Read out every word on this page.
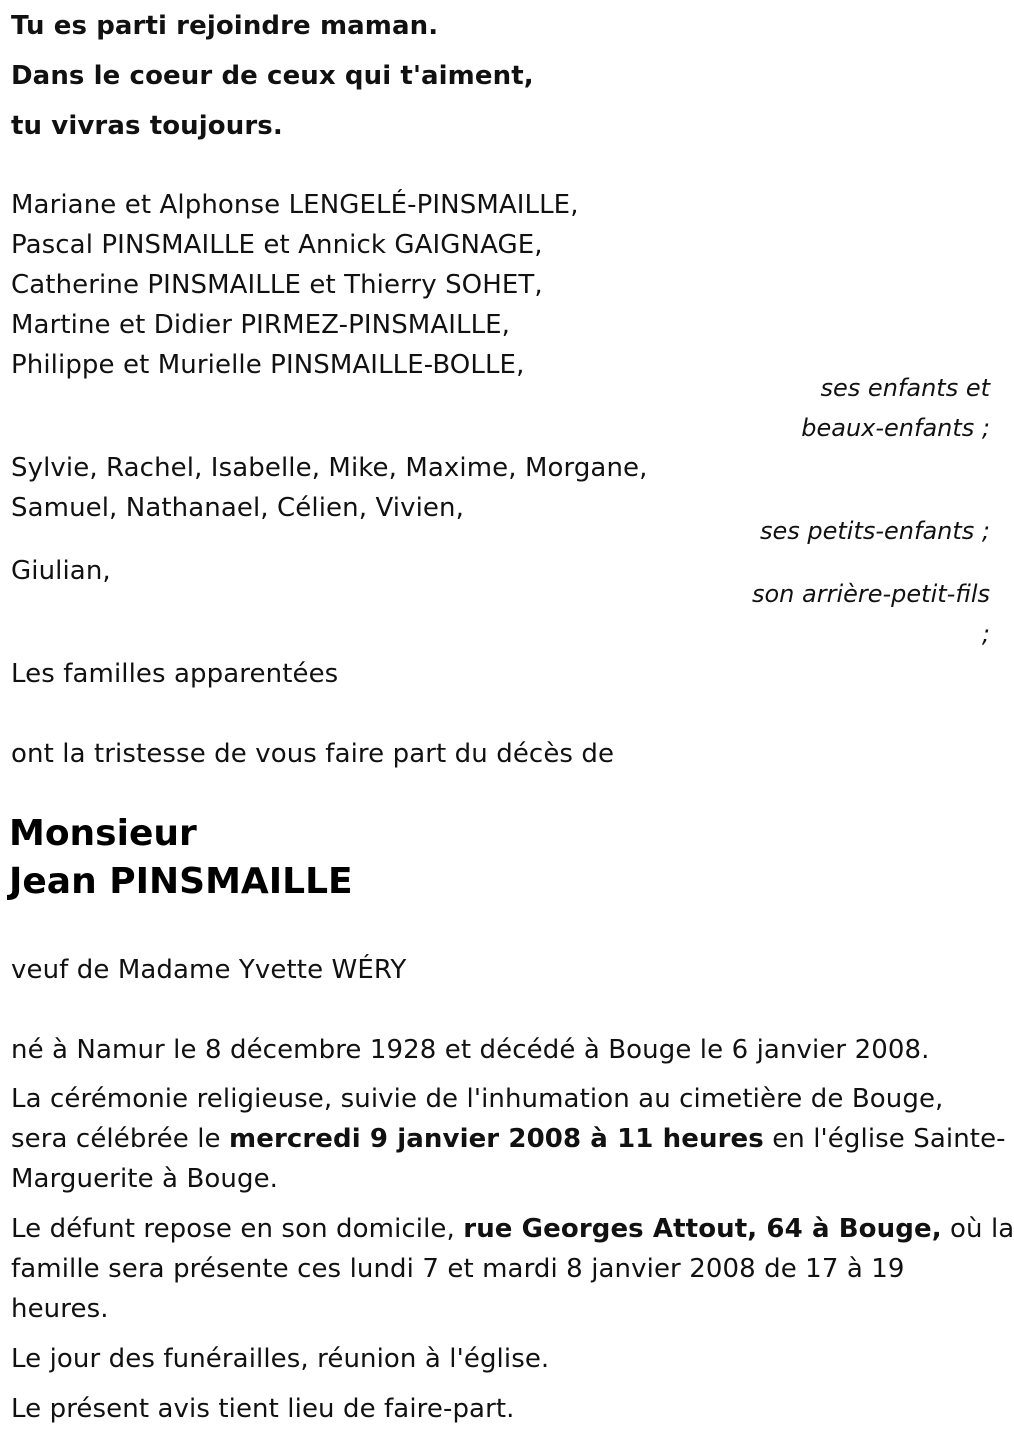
Tu es parti rejoindre maman.
Dans le coeur de ceux qui t'aiment,
tu vivras toujours.
Mariane et Alphonse LENGELÉ-PINSMAILLE,
Pascal PINSMAILLE et Annick GAIGNAGE,
Catherine PINSMAILLE et Thierry SOHET,
Martine et Didier PIRMEZ-PINSMAILLE,
Philippe et Murielle PINSMAILLE-BOLLE,
ses enfants et
beaux-enfants ;
Sylvie, Rachel, Isabelle, Mike, Maxime, Morgane,
Samuel, Nathanael, Célien, Vivien,
ses petits-enfants ;
Giulian,
son arrière-petit-fils
;
Les familles apparentées
ont la tristesse de vous faire part du décès de
Monsieur
Jean PINSMAILLE
veuf de Madame Yvette WÉRY
né à Namur le 8 décembre 1928 et décédé à Bouge le 6 janvier 2008.
La cérémonie religieuse, suivie de l'inhumation au cimetière de Bouge,
sera célébrée le mercredi 9 janvier 2008 à 11 heures en l'église Sainte-
Marguerite à Bouge.
Le défunt repose en son domicile, rue Georges Attout, 64 à Bouge, où la
famille sera présente ces lundi 7 et mardi 8 janvier 2008 de 17 à 19
heures.
Le jour des funérailles, réunion à l'église.
Le présent avis tient lieu de faire-part.
